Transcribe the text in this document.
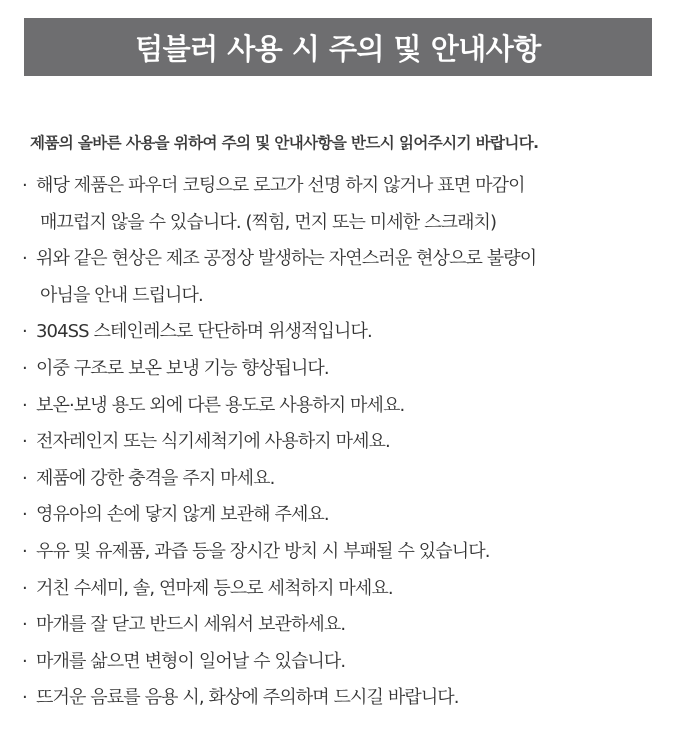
텀블러 사용 시 주의 및 안내사항
제품의 올바른 사용을 위하여 주의 및 안내사항을 반드시 읽어주시기 바랍니다.
· 해당 제품은 파우더 코팅으로 로고가 선명 하지 않거나 표면 마감이
매끄럽지 않을 수 있습니다. (찍힘, 먼지 또는 미세한 스크래치)
· 위와 같은 현상은 제조 공정상 발생하는 자연스러운 현상으로 불량이
아님을 안내 드립니다.
· 304SS 스테인레스로 단단하며 위생적입니다.
· 이중 구조로 보온 보냉 기능 향상됩니다.
· 보온·보냉 용도 외에 다른 용도로 사용하지 마세요.
· 전자레인지 또는 식기세척기에 사용하지 마세요.
· 제품에 강한 충격을 주지 마세요.
· 영유아의 손에 닿지 않게 보관해 주세요.
· 우유 및 유제품, 과즙 등을 장시간 방치 시 부패될 수 있습니다.
· 거친 수세미, 솔, 연마제 등으로 세척하지 마세요.
· 마개를 잘 닫고 반드시 세워서 보관하세요.
· 마개를 삶으면 변형이 일어날 수 있습니다.
· 뜨거운 음료를 음용 시, 화상에 주의하며 드시길 바랍니다.
